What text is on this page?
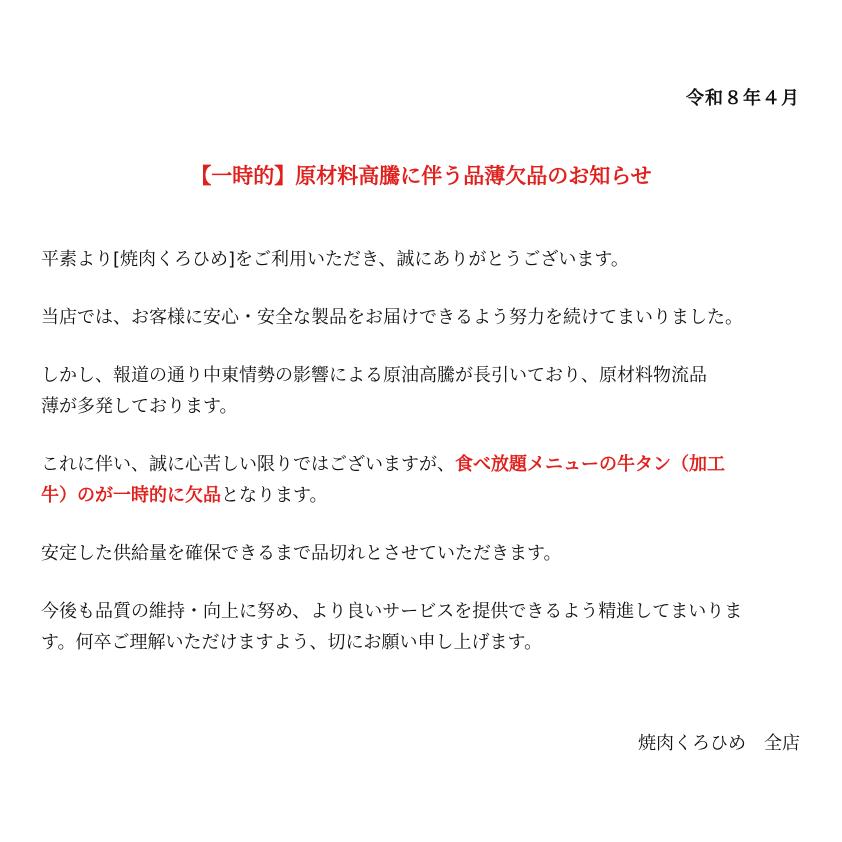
令和８年４月
【一時的】原材料高騰に伴う品薄欠品のお知らせ

平素より[焼肉くろひめ]をご利用いただき、誠にありがとうございます。

当店では、お客様に安心・安全な製品をお届けできるよう努力を続けてまいりました。

しかし、報道の通り中東情勢の影響による原油高騰が長引いており、原材料物流品
薄が多発しております。

これに伴い、誠に心苦しい限りではございますが、食べ放題メニューの牛タン（加工
牛）のが一時的に欠品となります。

安定した供給量を確保できるまで品切れとさせていただきます。

今後も品質の維持・向上に努め、より良いサービスを提供できるよう精進してまいりま
す。何卒ご理解いただけますよう、切にお願い申し上げます。

焼肉くろひめ　全店
